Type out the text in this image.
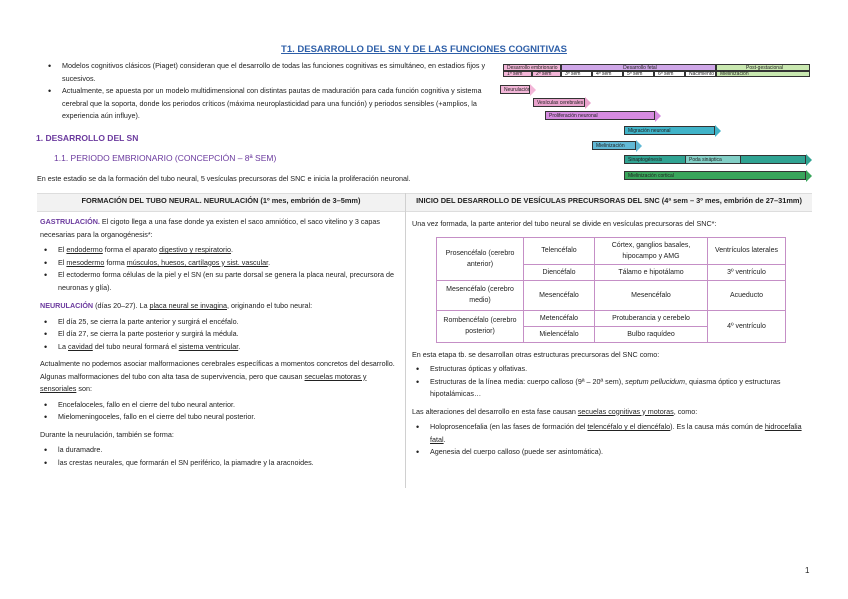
T1. DESARROLLO DEL SN Y DE LAS FUNCIONES COGNITIVAS
• Modelos cognitivos clásicos (Piaget) consideran que el desarrollo de todas las funciones cognitivas es simultáneo, en estadios fijos y sucesivos.
• Actualmente, se apuesta por un modelo multidimensional con distintas pautas de maduración para cada función cognitiva y sistema cerebral que la soporta, donde los periodos críticos (máxima neuroplasticidad para una función) y periodos sensibles (+amplios, la experiencia aún influye).
Desarrollo embrionario	Desarrollo fetal	Post-gestacional
1ª sem	2ª sem	3ª sem	4ª sem	5ª sem	6ª sem	Nacimiento	Mielinización
Neurulación
Vesículas cerebrales
Proliferación neuronal
Migración neuronal
Mielinización
Sinaptogénesis	Poda sináptica
Mielinización cortical
1. DESARROLLO DEL SN
1.1. PERIODO EMBRIONARIO (CONCEPCIÓN – 8ª SEM)
En este estadio se da la formación del tubo neural, 5 vesículas precursoras del SNC e inicia la proliferación neuronal.
FORMACIÓN DEL TUBO NEURAL. NEURULACIÓN (1º mes, embrión de 3–5mm)	INICIO DEL DESARROLLO DE VESÍCULAS PRECURSORAS DEL SNC (4ª sem – 3º mes, embrión de 27–31mm)
GASTRULACIÓN. El cigoto llega a una fase donde ya existen el saco amniótico, el saco vitelino y 3 capas necesarias para la organogénesis*:
• El endodermo forma el aparato digestivo y respiratorio.
• El mesodermo forma músculos, huesos, cartílagos y sist. vascular.
• El ectodermo forma células de la piel y el SN (en su parte dorsal se genera la placa neural, precursora de neuronas y glía).
NEURULACIÓN (días 20–27). La placa neural se invagina, originando el tubo neural:
• El día 25, se cierra la parte anterior y surgirá el encéfalo.
• El día 27, se cierra la parte posterior y surgirá la médula.
• La cavidad del tubo neural formará el sistema ventricular.
Actualmente no podemos asociar malformaciones cerebrales específicas a momentos concretos del desarrollo. Algunas malformaciones del tubo con alta tasa de supervivencia, pero que causan secuelas motoras y sensoriales son:
• Encefaloceles, fallo en el cierre del tubo neural anterior.
• Mielomeningoceles, fallo en el cierre del tubo neural posterior.
Durante la neurulación, también se forma:
• la duramadre.
• las crestas neurales, que formarán el SN periférico, la piamadre y la aracnoides.
Una vez formada, la parte anterior del tubo neural se divide en vesículas precursoras del SNC*:
Prosencéfalo (cerebro anterior)	Telencéfalo	Córtex, ganglios basales, hipocampo y AMG	Ventrículos laterales
	Diencéfalo	Tálamo e hipotálamo	3º ventrículo
Mesencéfalo (cerebro medio)	Mesencéfalo	Mesencéfalo	Acueducto
Rombencéfalo (cerebro posterior)	Metencéfalo	Protuberancia y cerebelo	4º ventrículo
	Mielencéfalo	Bulbo raquídeo	
En esta etapa tb. se desarrollan otras estructuras precursoras del SNC como:
• Estructuras ópticas y olfativas.
• Estructuras de la línea media: cuerpo calloso (9ª – 20ª sem), septum pellucidum, quiasma óptico y estructuras hipotalámicas…
Las alteraciones del desarrollo en esta fase causan secuelas cognitivas y motoras, como:
• Holoprosencefalia (en las fases de formación del telencéfalo y el diencéfalo). Es la causa más común de hidrocefalia fatal.
• Agenesia del cuerpo calloso (puede ser asintomática).
1
